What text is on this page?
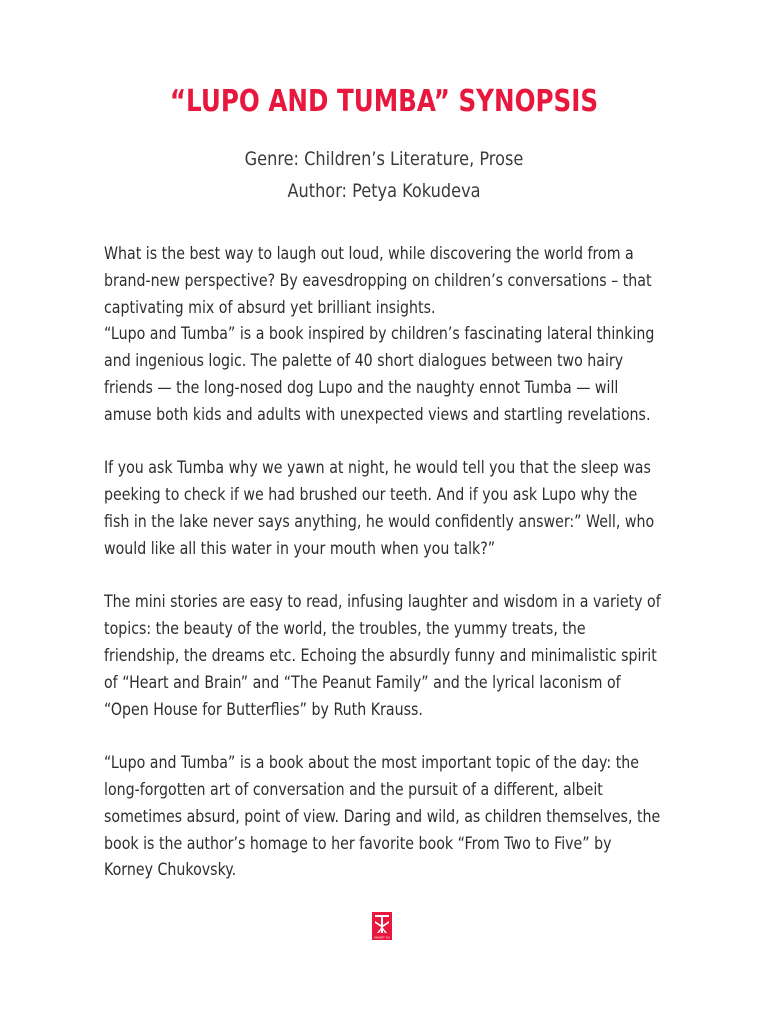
“LUPO AND TUMBA” SYNOPSIS
Genre: Children’s Literature, Prose
Author: Petya Kokudeva

What is the best way to laugh out loud, while discovering the world from a brand-new perspective? By eavesdropping on children’s conversations – that captivating mix of absurd yet brilliant insights.

“Lupo and Tumba” is a book inspired by children’s fascinating lateral thinking and ingenious logic. The palette of 40 short dialogues between two hairy friends — the long-nosed dog Lupo and the naughty ennot Tumba — will amuse both kids and adults with unexpected views and startling revelations.

If you ask Tumba why we yawn at night, he would tell you that the sleep was peeking to check if we had brushed our teeth. And if you ask Lupo why the fish in the lake never says anything, he would confidently answer:” Well, who would like all this water in your mouth when you talk?”

The mini stories are easy to read, infusing laughter and wisdom in a variety of topics: the beauty of the world, the troubles, the yummy treats, the friendship, the dreams etc. Echoing the absurdly funny and minimalistic spirit of “Heart and Brain” and “The Peanut Family” and the lyrical laconism of “Open House for Butterflies” by Ruth Krauss.

“Lupo and Tumba” is a book about the most important topic of the day: the long-forgotten art of conversation and the pursuit of a different, albeit sometimes absurd, point of view. Daring and wild, as children themselves, the book is the author’s homage to her favorite book “From Two to Five” by Korney Chukovsky.

МАКЕТ 43
